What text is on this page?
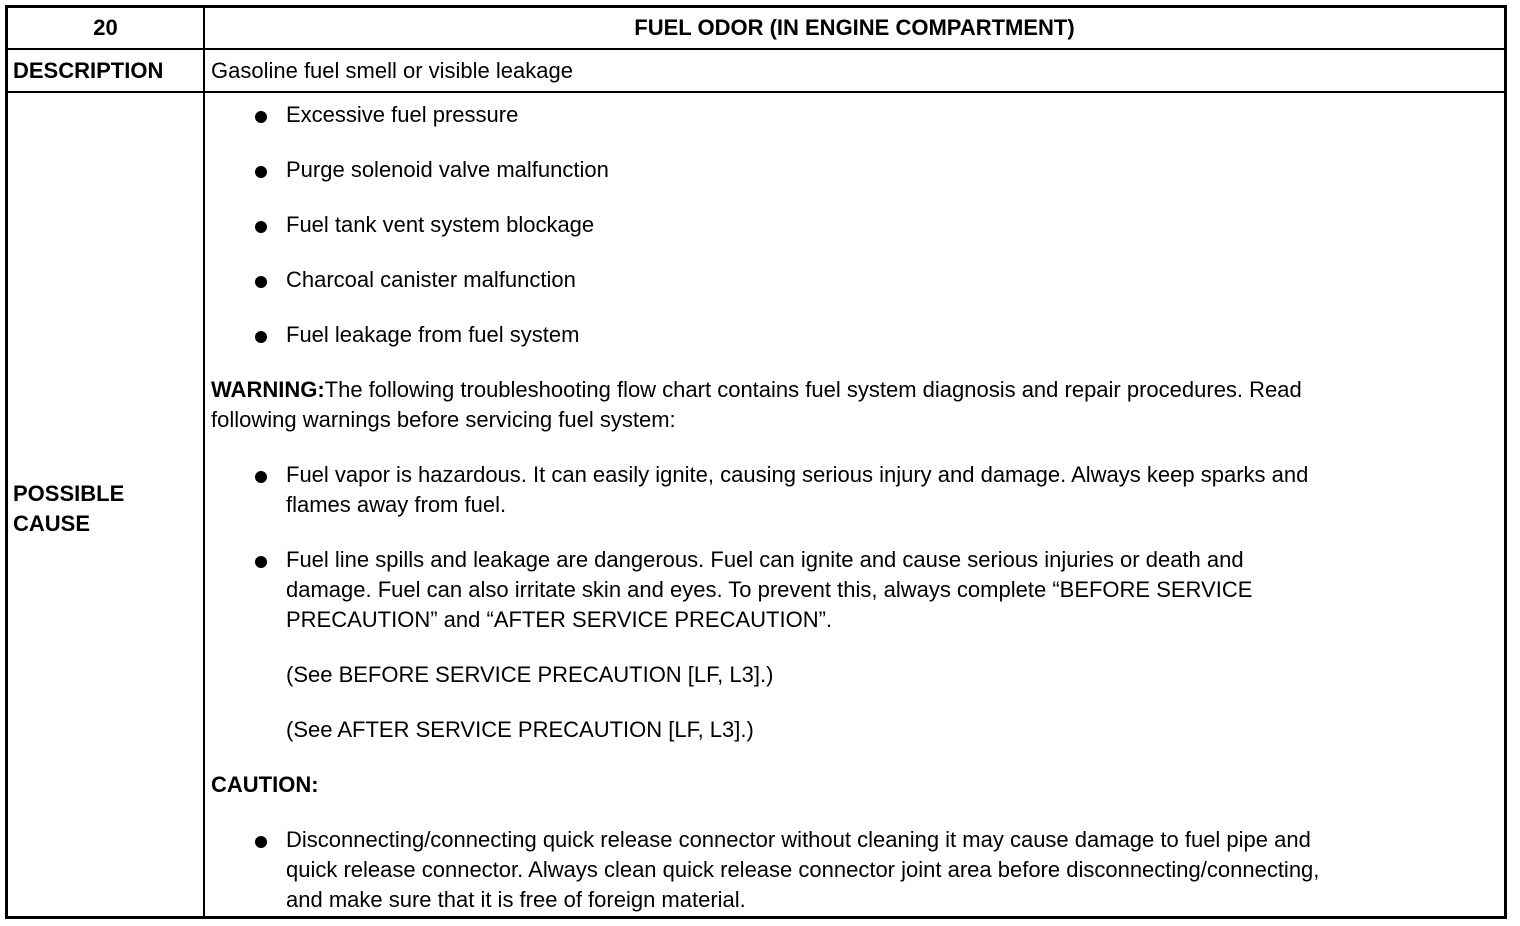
20	FUEL ODOR (IN ENGINE COMPARTMENT)
DESCRIPTION Gasoline fuel smell or visible leakage
POSSIBLE
CAUSE
Excessive fuel pressure
Purge solenoid valve malfunction
Fuel tank vent system blockage
Charcoal canister malfunction
Fuel leakage from fuel system
WARNING:The following troubleshooting flow chart contains fuel system diagnosis and repair procedures. Read
following warnings before servicing fuel system:
Fuel vapor is hazardous. It can easily ignite, causing serious injury and damage. Always keep sparks and
flames away from fuel.
Fuel line spills and leakage are dangerous. Fuel can ignite and cause serious injuries or death and
damage. Fuel can also irritate skin and eyes. To prevent this, always complete “BEFORE SERVICE
PRECAUTION” and “AFTER SERVICE PRECAUTION”.
(See BEFORE SERVICE PRECAUTION [LF, L3].)
(See AFTER SERVICE PRECAUTION [LF, L3].)
CAUTION:
Disconnecting/connecting quick release connector without cleaning it may cause damage to fuel pipe and
quick release connector. Always clean quick release connector joint area before disconnecting/connecting,
and make sure that it is free of foreign material.
